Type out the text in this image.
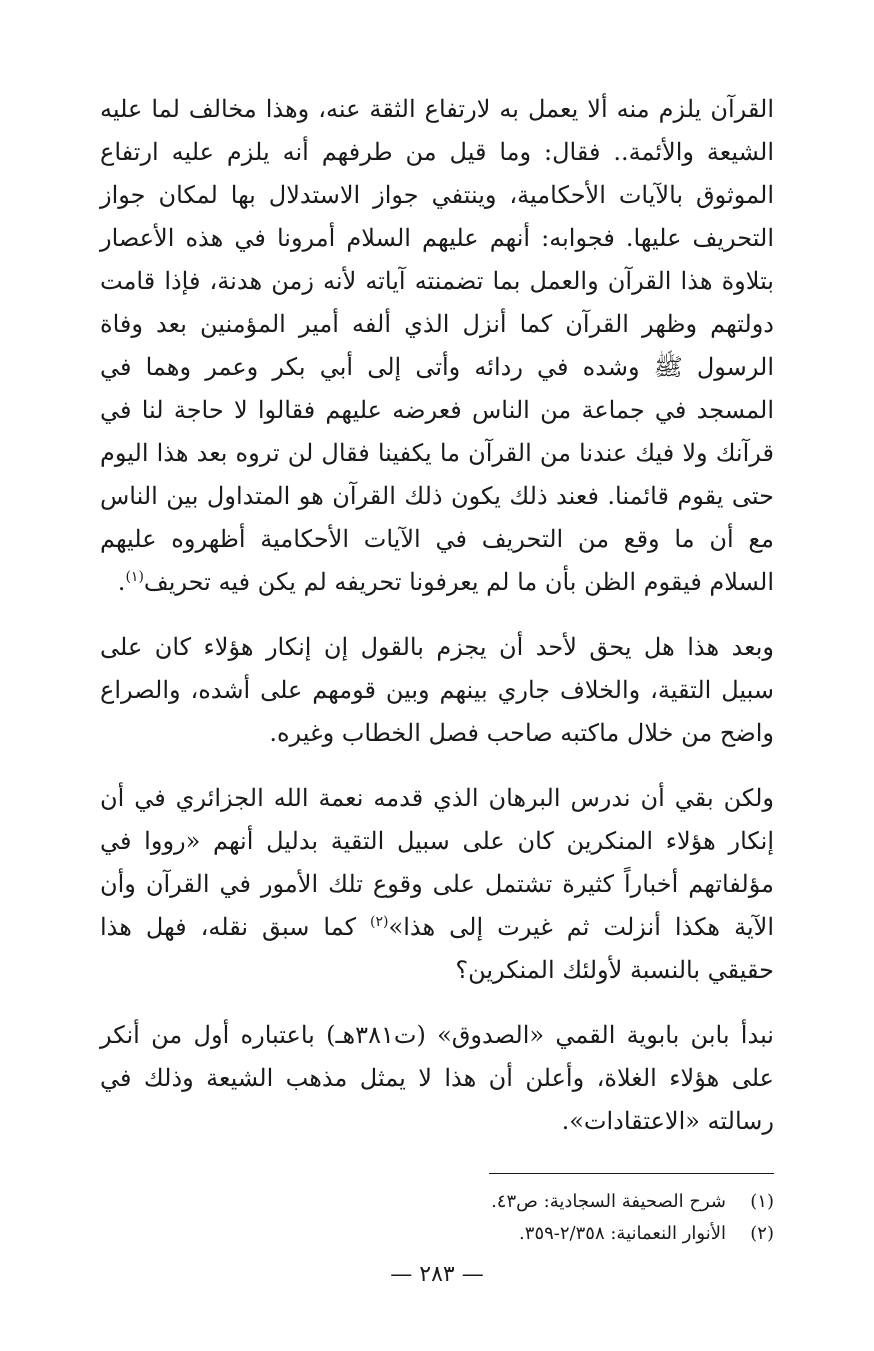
القرآن يلزم منه ألا يعمل به لارتفاع الثقة عنه، وهذا مخالف لما عليه الشيعة والأئمة.. فقال: وما قيل من طرفهم أنه يلزم عليه ارتفاع الموثوق بالآيات الأحكامية، وينتفي جواز الاستدلال بها لمكان جواز التحريف عليها. فجوابه: أنهم عليهم السلام أمرونا في هذه الأعصار بتلاوة هذا القرآن والعمل بما تضمنته آياته لأنه زمن هدنة، فإذا قامت دولتهم وظهر القرآن كما أنزل الذي ألفه أمير المؤمنين بعد وفاة الرسول ﷺ وشده في ردائه وأتى إلى أبي بكر وعمر وهما في المسجد في جماعة من الناس فعرضه عليهم فقالوا لا حاجة لنا في قرآنك ولا فيك عندنا من القرآن ما يكفينا فقال لن تروه بعد هذا اليوم حتى يقوم قائمنا. فعند ذلك يكون ذلك القرآن هو المتداول بين الناس مع أن ما وقع من التحريف في الآيات الأحكامية أظهروه عليهم السلام فيقوم الظن بأن ما لم يعرفونا تحريفه لم يكن فيه تحريف$^{(١)}$.

وبعد هذا هل يحق لأحد أن يجزم بالقول إن إنكار هؤلاء كان على سبيل التقية، والخلاف جاري بينهم وبين قومهم على أشده، والصراع واضح من خلال ماكتبه صاحب فصل الخطاب وغيره.

ولكن بقي أن ندرس البرهان الذي قدمه نعمة الله الجزائري في أن إنكار هؤلاء المنكرين كان على سبيل التقية بدليل أنهم «رووا في مؤلفاتهم أخباراً كثيرة تشتمل على وقوع تلك الأمور في القرآن وأن الآية هكذا أنزلت ثم غيرت إلى هذا»$^{(٢)}$ كما سبق نقله، فهل هذا حقيقي بالنسبة لأولئك المنكرين؟

نبدأ بابن بابوية القمي «الصدوق» (ت٣٨١هـ) باعتباره أول من أنكر على هؤلاء الغلاة، وأعلن أن هذا لا يمثل مذهب الشيعة وذلك في رسالته «الاعتقادات».

(١)
شرح الصحيفة السجادية: ص٤٣.
(٢)
الأنوار النعمانية: ٢/٣٥٨-٣٥٩.
— ٢٨٣ —
